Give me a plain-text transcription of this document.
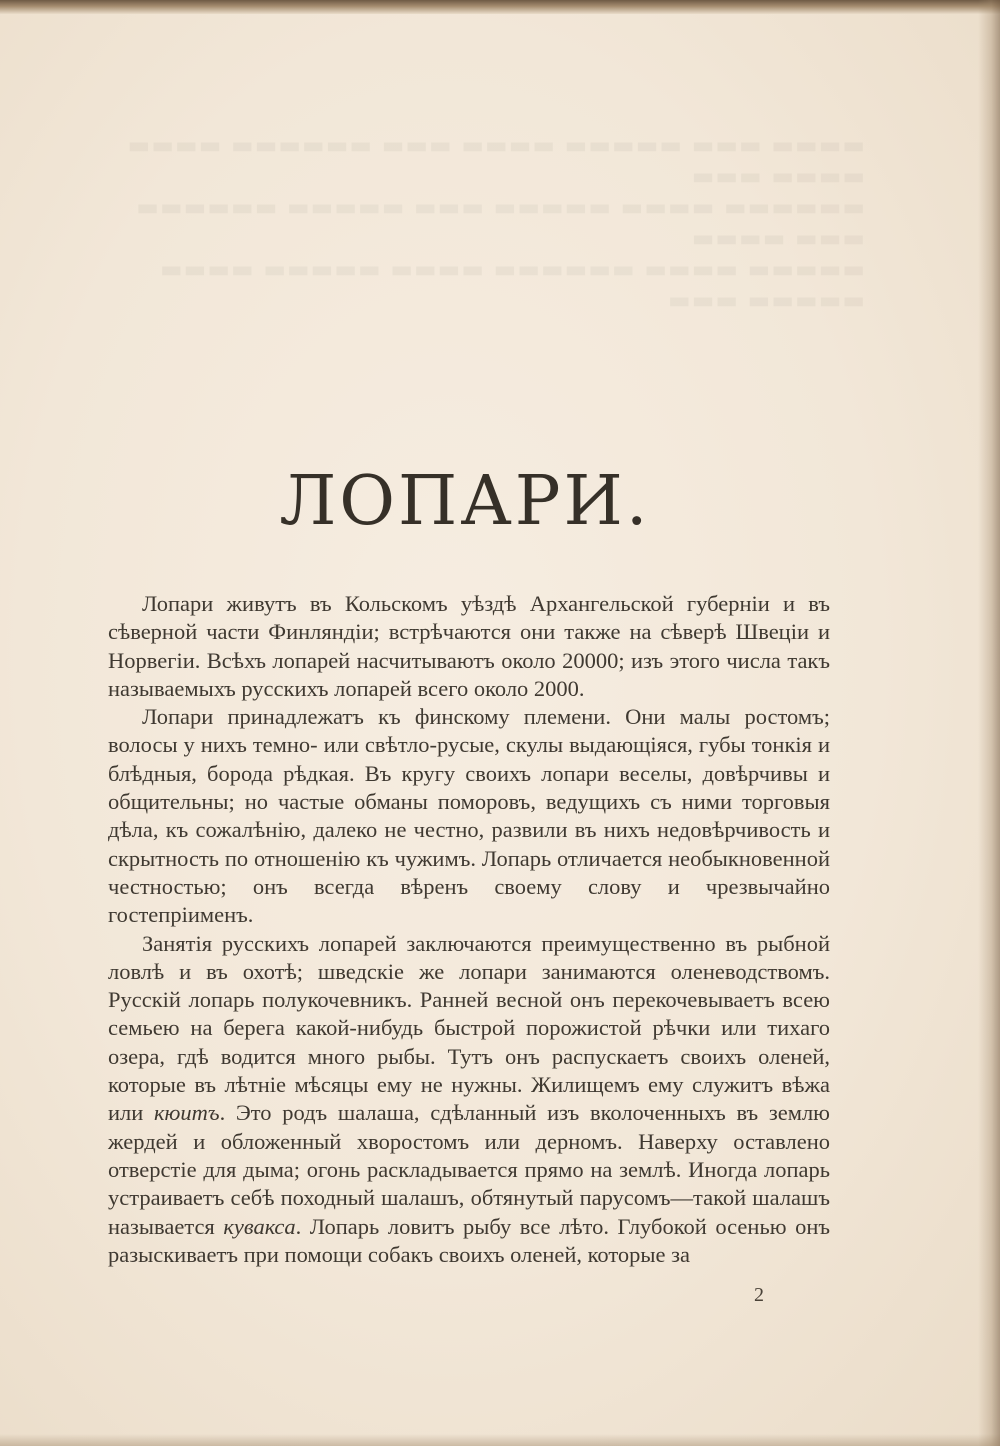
▬▬▬▬ ▬▬▬ ▬▬▬▬▬ ▬▬▬▬ ▬▬▬ ▬▬▬▬▬▬ ▬▬▬▬ ▬▬▬▬ ▬▬▬
▬▬▬▬▬▬ ▬▬▬▬ ▬▬▬▬▬ ▬▬▬ ▬▬▬▬▬ ▬▬▬▬▬▬ ▬▬▬ ▬▬▬▬
▬▬▬▬▬ ▬▬▬▬ ▬▬▬▬▬▬ ▬▬▬▬ ▬▬▬▬▬ ▬▬▬▬ ▬▬▬▬▬ ▬▬▬
ЛОПАРИ.

Лопари живутъ въ Кольскомъ уѣздѣ Архангельской губерніи и въ сѣверной части Финляндіи; встрѣчаются они также на сѣверѣ Швеціи и Норвегіи. Всѣхъ лопарей насчитываютъ около 20000; изъ этого числа такъ называемыхъ русскихъ лопарей всего около 2000.

Лопари принадлежатъ къ финскому племени. Они малы ростомъ; волосы у нихъ темно- или свѣтло-русые, скулы выдающіяся, губы тонкія и блѣдныя, борода рѣдкая. Въ кругу своихъ лопари веселы, довѣрчивы и общительны; но частые обманы поморовъ, ведущихъ съ ними торговыя дѣла, къ сожалѣнію, далеко не честно, развили въ нихъ недовѣрчивость и скрытность по отношенію къ чужимъ. Лопарь отличается необыкновенной честностью; онъ всегда вѣренъ своему слову и чрезвычайно гостепріименъ.

Занятія русскихъ лопарей заключаются преимущественно въ рыбной ловлѣ и въ охотѣ; шведскіе же лопари занимаются оленеводствомъ. Русскій лопарь полукочевникъ. Ранней весной онъ перекочевываетъ всею семьею на берега какой-нибудь быстрой порожистой рѣчки или тихаго озера, гдѣ водится много рыбы. Тутъ онъ распускаетъ своихъ оленей, которые въ лѣтніе мѣсяцы ему не нужны. Жилищемъ ему служитъ вѣжа или кюитъ. Это родъ шалаша, сдѣланный изъ вколоченныхъ въ землю жердей и обложенный хворостомъ или дерномъ. Наверху оставлено отверстіе для дыма; огонь раскладывается прямо на землѣ. Иногда лопарь устраиваетъ себѣ походный шалашъ, обтянутый парусомъ—такой шалашъ называется куваксa. Лопарь ловитъ рыбу все лѣто. Глубокой осенью онъ разыскиваетъ при помощи собакъ своихъ оленей, которые за

2
